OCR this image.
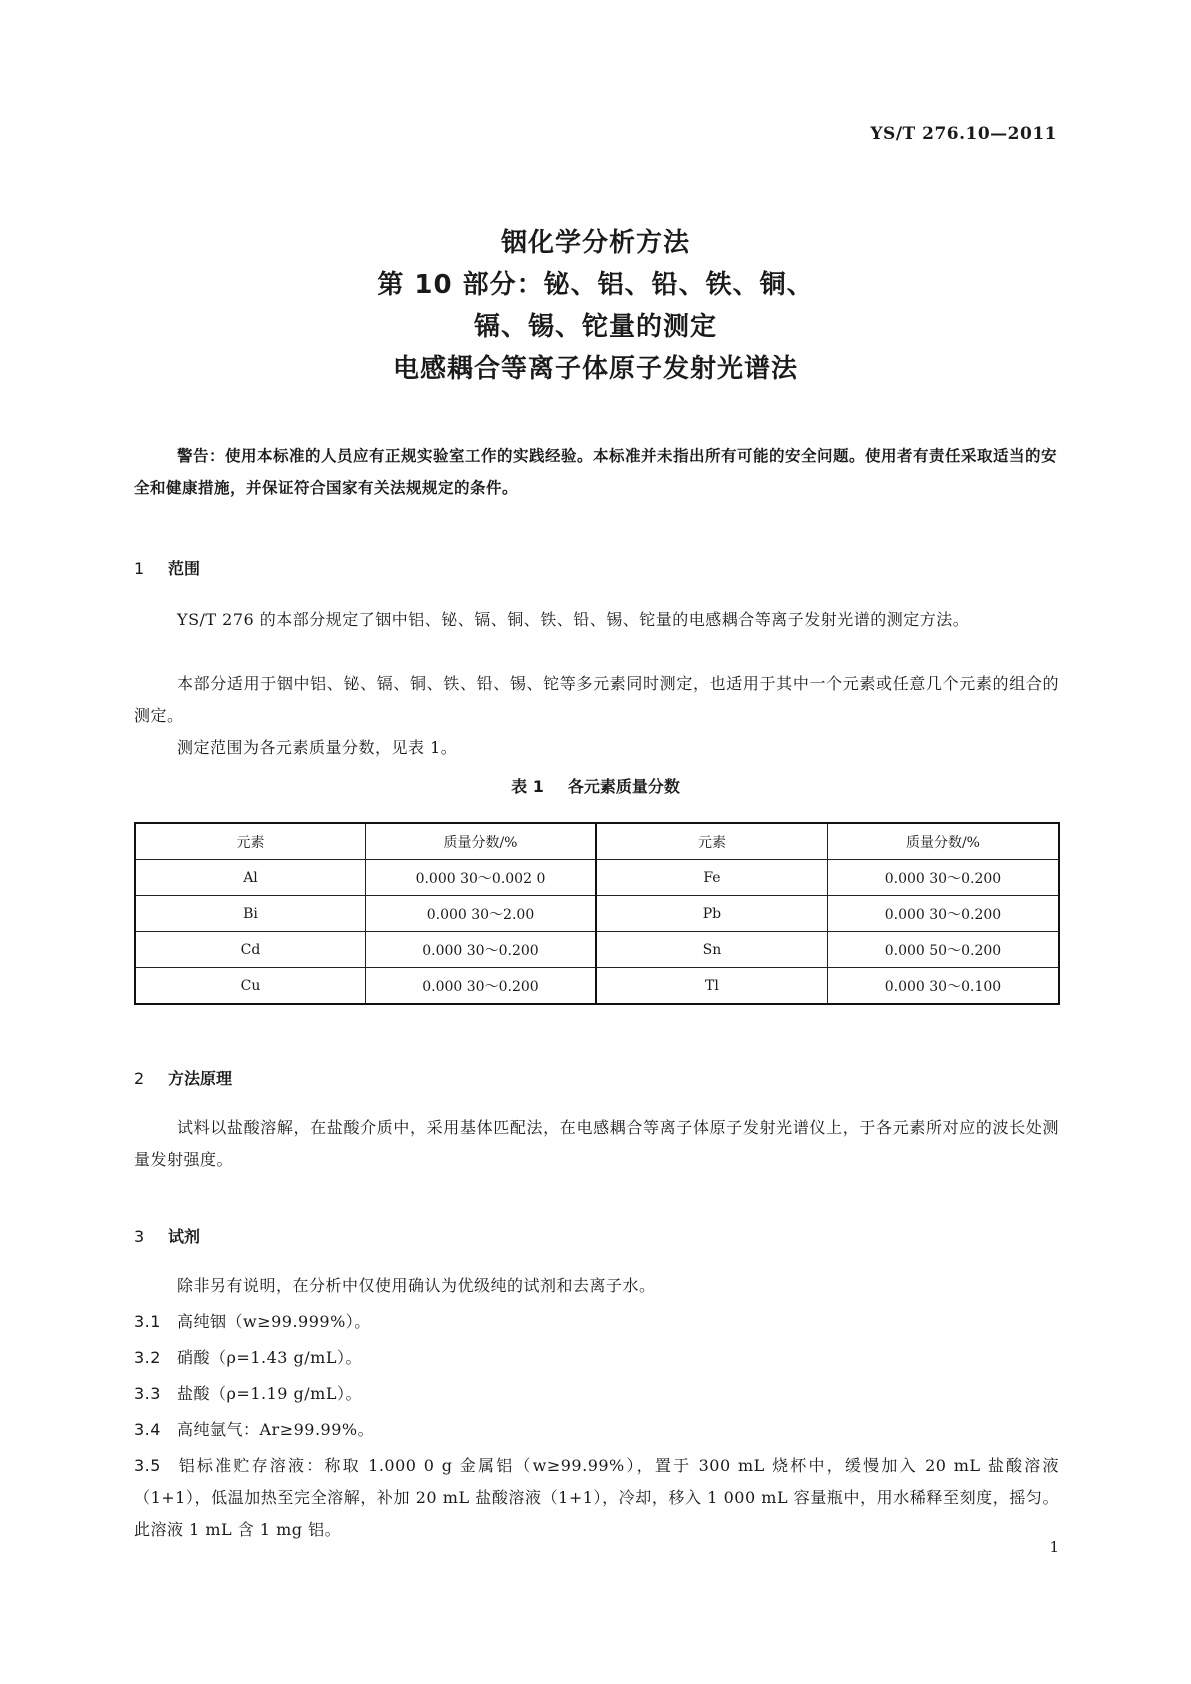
YS/T 276.10—2011
铟化学分析方法
第 10 部分：铋、铝、铅、铁、铜、
镉、锡、铊量的测定
电感耦合等离子体原子发射光谱法
警告：使用本标准的人员应有正规实验室工作的实践经验。本标准并未指出所有可能的安全问题。使用者有责任采取适当的安全和健康措施，并保证符合国家有关法规规定的条件。
1 范围
YS/T 276 的本部分规定了铟中铝、铋、镉、铜、铁、铅、锡、铊量的电感耦合等离子发射光谱的测定方法。
本部分适用于铟中铝、铋、镉、铜、铁、铅、锡、铊等多元素同时测定，也适用于其中一个元素或任意几个元素的组合的测定。
测定范围为各元素质量分数，见表 1。
表 1 各元素质量分数
元素	质量分数/%	元素	质量分数/%
Al	0.000 30～0.002 0	Fe	0.000 30～0.200
Bi	0.000 30～2.00	Pb	0.000 30～0.200
Cd	0.000 30～0.200	Sn	0.000 50～0.200
Cu	0.000 30～0.200	Tl	0.000 30～0.100
2 方法原理
试料以盐酸溶解，在盐酸介质中，采用基体匹配法，在电感耦合等离子体原子发射光谱仪上，于各元素所对应的波长处测量发射强度。
3 试剂
除非另有说明，在分析中仅使用确认为优级纯的试剂和去离子水。
3.1 高纯铟（w≥99.999%）。
3.2 硝酸（ρ=1.43 g/mL）。
3.3 盐酸（ρ=1.19 g/mL）。
3.4 高纯氩气：Ar≥99.99%。
3.5 铝标准贮存溶液：称取 1.000 0 g 金属铝（w≥99.99%），置于 300 mL 烧杯中，缓慢加入 20 mL 盐酸溶液（1+1），低温加热至完全溶解，补加 20 mL 盐酸溶液（1+1），冷却，移入 1 000 mL 容量瓶中，用水稀释至刻度，摇匀。此溶液 1 mL 含 1 mg 铝。
1
